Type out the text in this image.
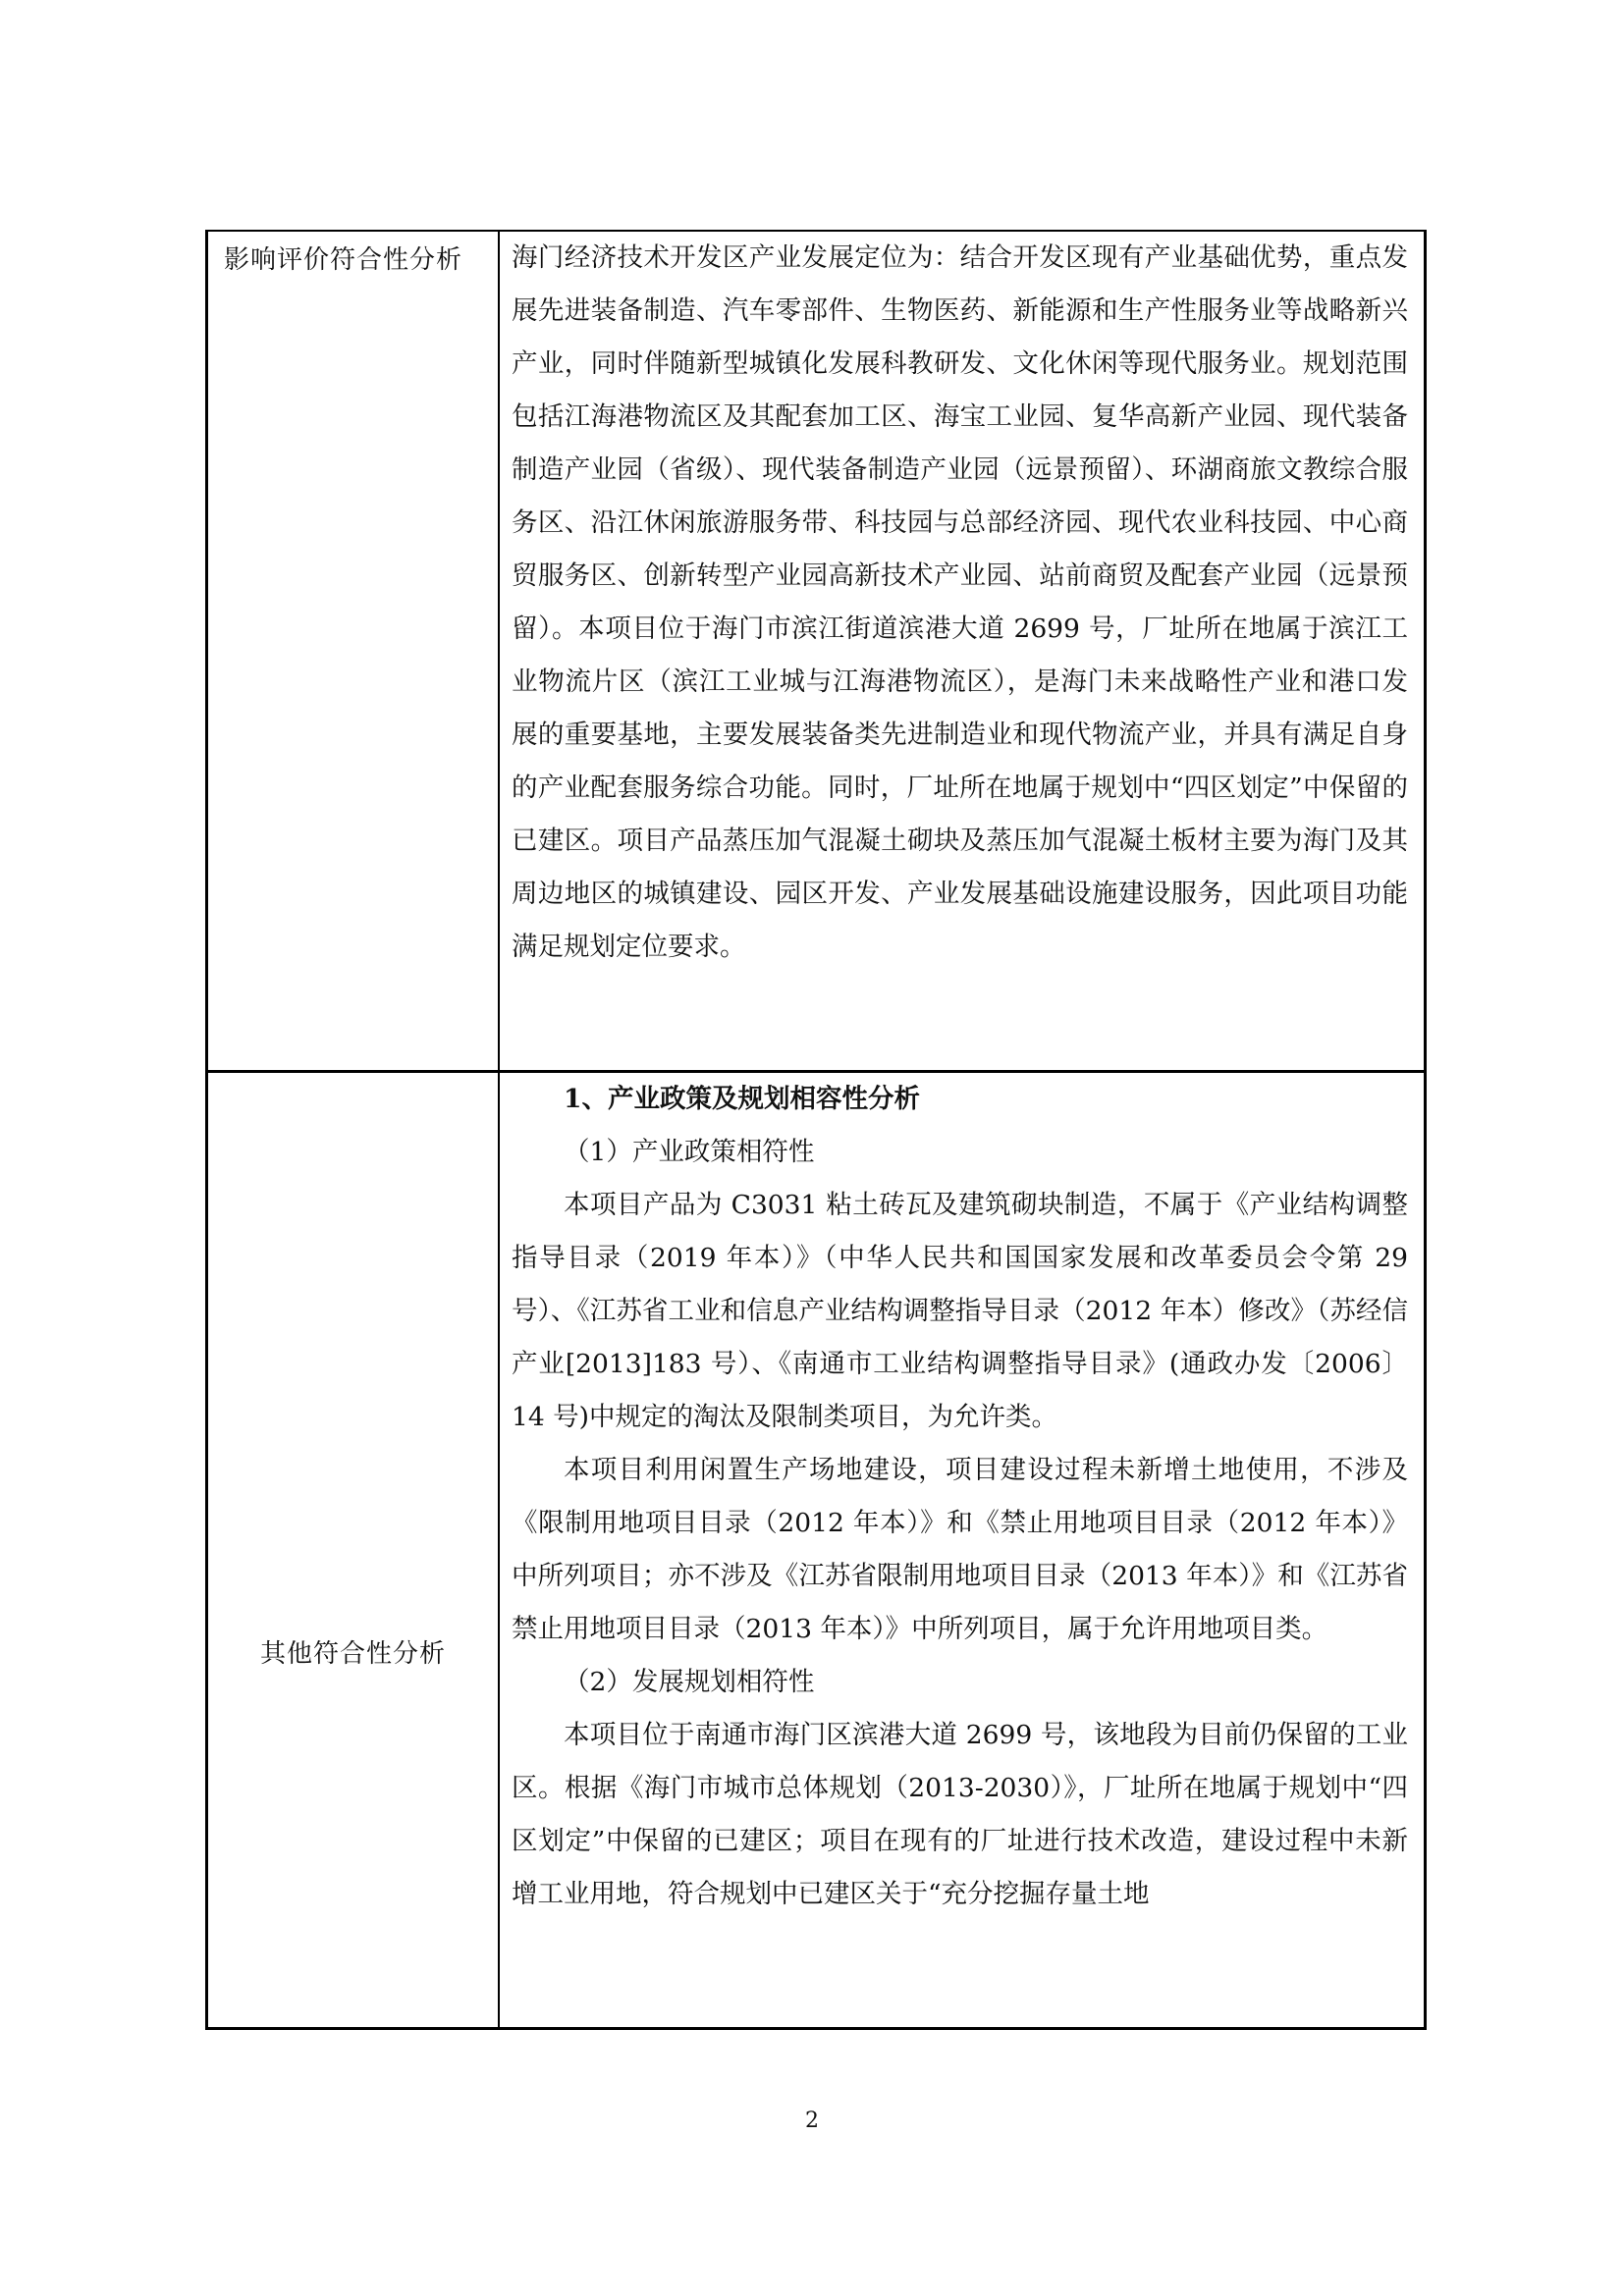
影响评价符合性分析 海门经济技术开发区产业发展定位为：结合开发区现有产业基础优势，重点发展先进装备制造、汽车零部件、生物医药、新能源和生产性服务业等战略新兴产业，同时伴随新型城镇化发展科教研发、文化休闲等现代服务业。规划范围包括江海港物流区及其配套加工区、海宝工业园、复华高新产业园、现代装备制造产业园（省级）、现代装备制造产业园（远景预留）、环湖商旅文教综合服务区、沿江休闲旅游服务带、科技园与总部经济园、现代农业科技园、中心商贸服务区、创新转型产业园高新技术产业园、站前商贸及配套产业园（远景预留）。本项目位于海门市滨江街道滨港大道 2699 号，厂址所在地属于滨江工业物流片区（滨江工业城与江海港物流区），是海门未来战略性产业和港口发展的重要基地，主要发展装备类先进制造业和现代物流产业，并具有满足自身的产业配套服务综合功能。同时，厂址所在地属于规划中“四区划定”中保留的已建区。项目产品蒸压加气混凝土砌块及蒸压加气混凝土板材主要为海门及其周边地区的城镇建设、园区开发、产业发展基础设施建设服务，因此项目功能满足规划定位要求。

其他符合性分析

1、产业政策及规划相容性分析

（1）产业政策相符性

本项目产品为 C3031 粘土砖瓦及建筑砌块制造，不属于《产业结构调整指导目录（2019 年本）》（中华人民共和国国家发展和改革委员会令第 29 号）、《江苏省工业和信息产业结构调整指导目录（2012 年本）修改》（苏经信产业[2013]183 号）、《南通市工业结构调整指导目录》(通政办发〔2006〕14 号)中规定的淘汰及限制类项目，为允许类。

本项目利用闲置生产场地建设，项目建设过程未新增土地使用，不涉及《限制用地项目目录（2012 年本）》和《禁止用地项目目录（2012 年本）》中所列项目；亦不涉及《江苏省限制用地项目目录（2013 年本）》和《江苏省禁止用地项目目录（2013 年本）》中所列项目，属于允许用地项目类。

（2）发展规划相符性

本项目位于南通市海门区滨港大道 2699 号，该地段为目前仍保留的工业区。根据《海门市城市总体规划（2013-2030）》，厂址所在地属于规划中“四区划定”中保留的已建区；项目在现有的厂址进行技术改造，建设过程中未新增工业用地，符合规划中已建区关于“充分挖掘存量土地

2
